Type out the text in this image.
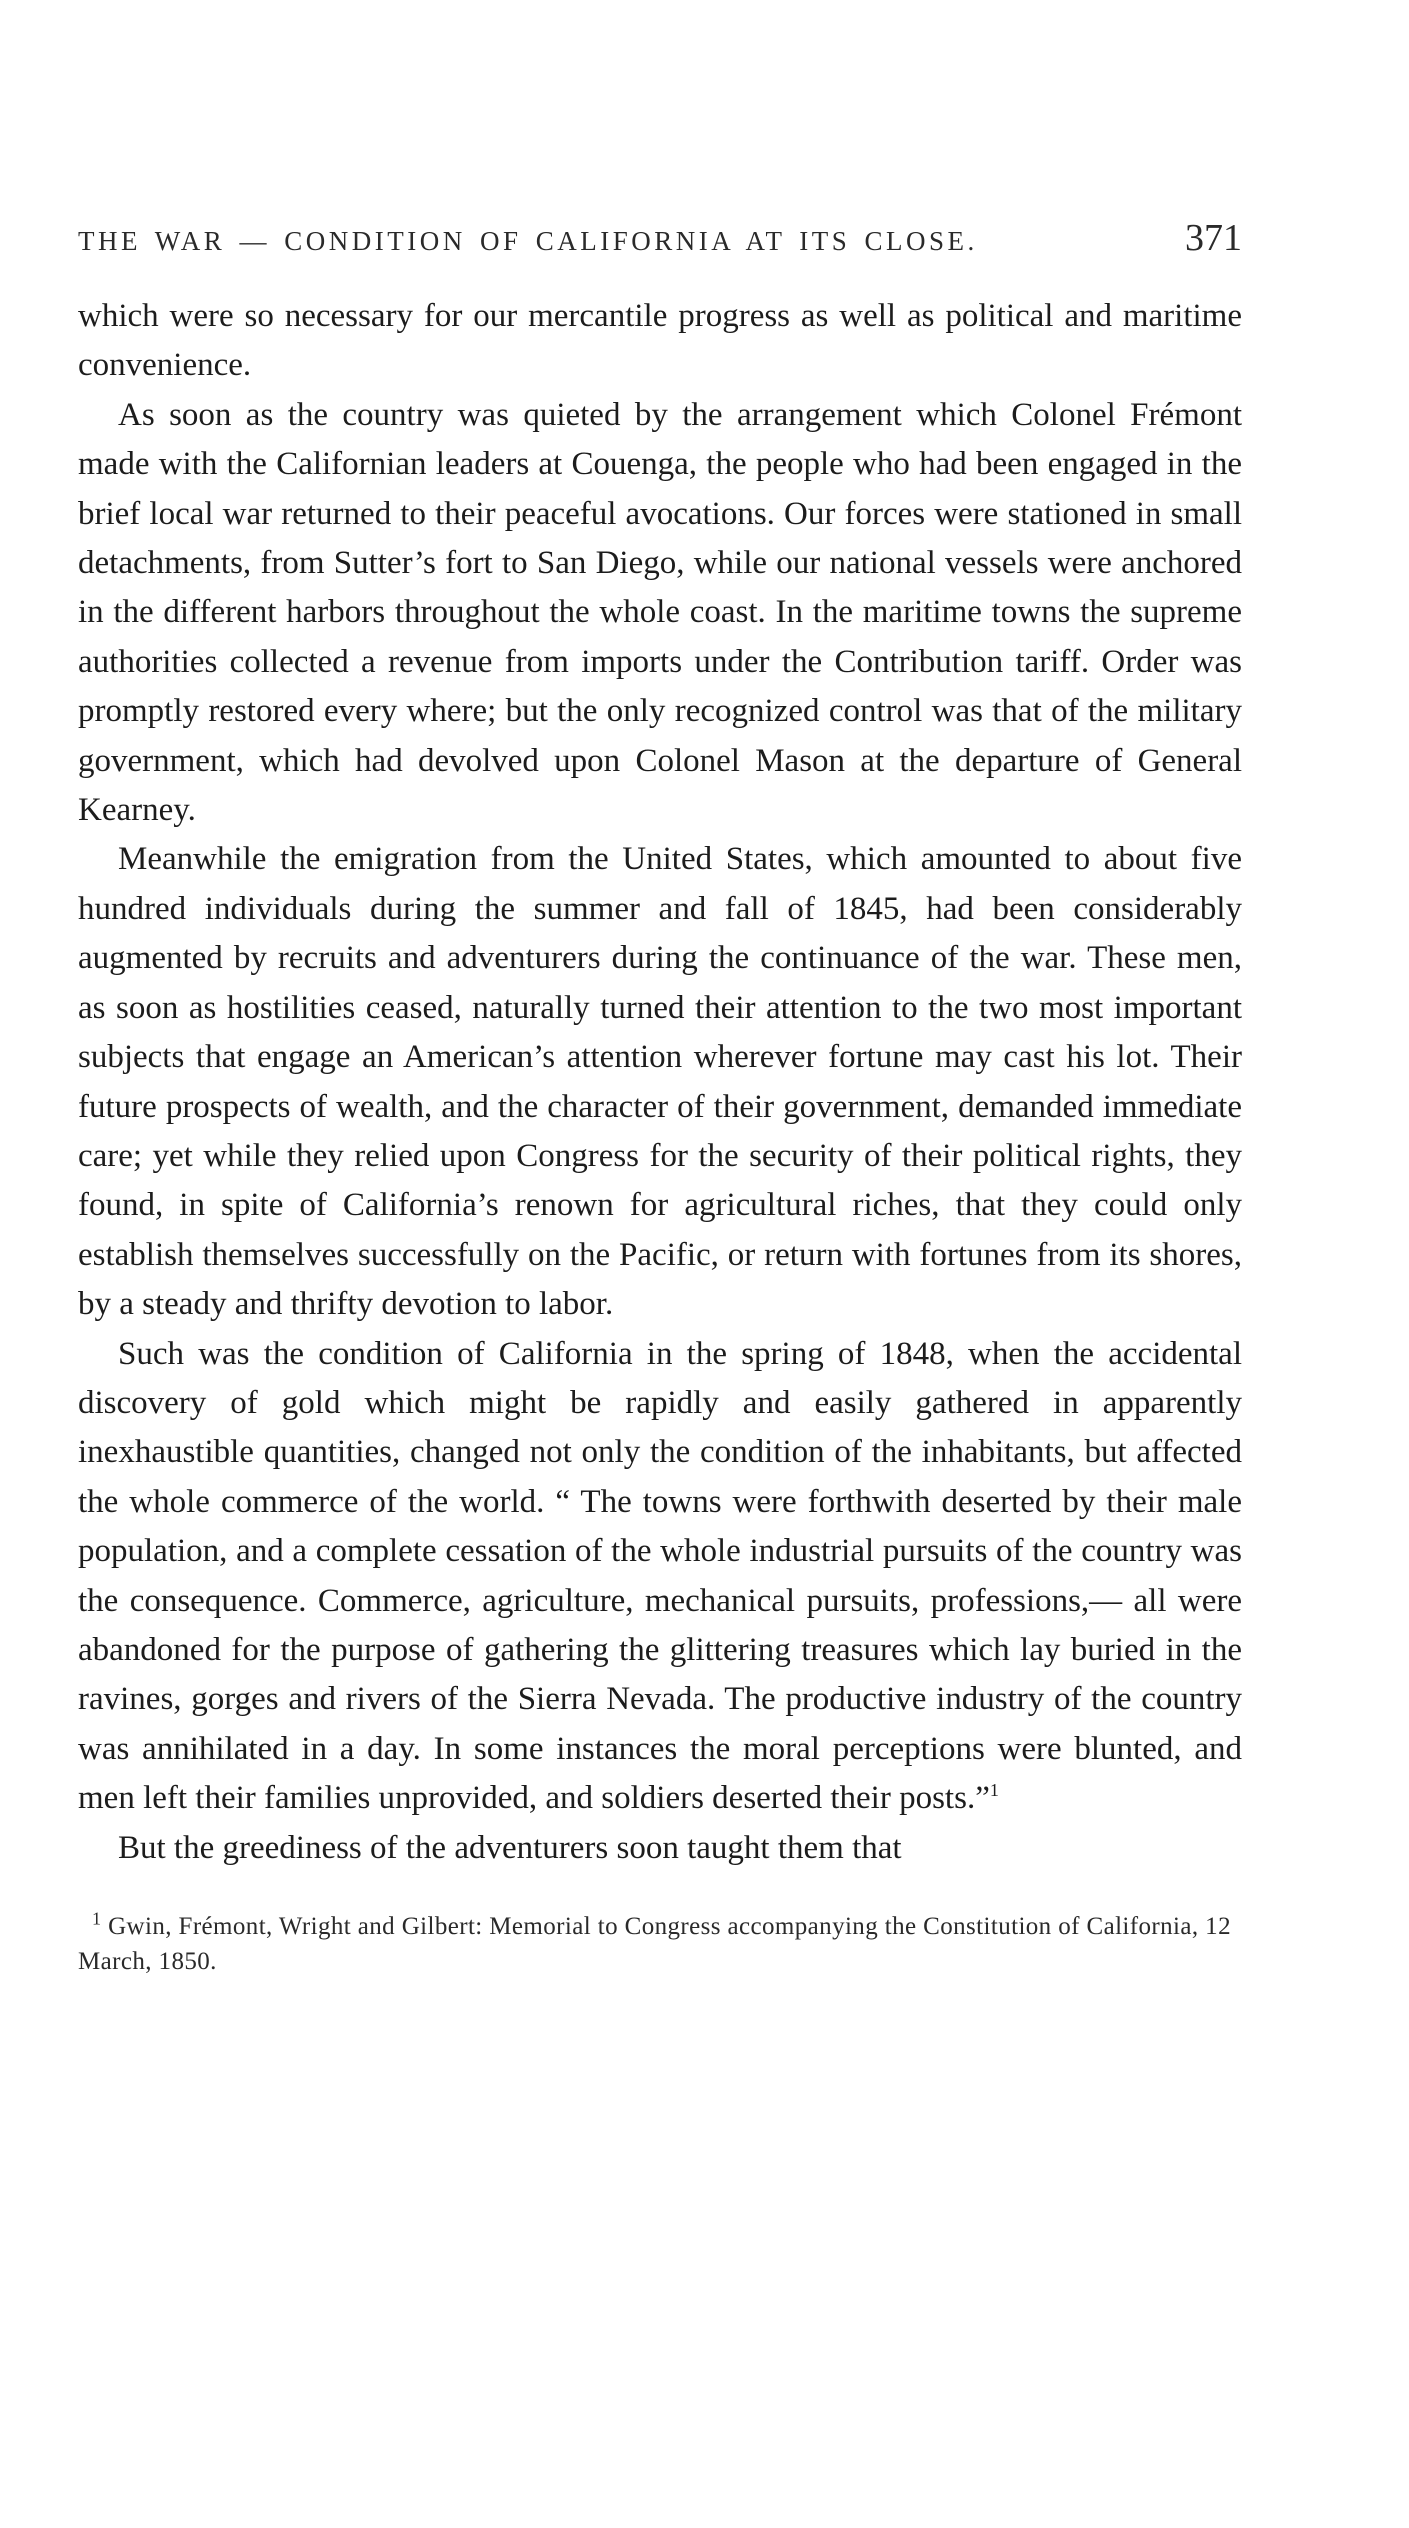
THE WAR — CONDITION OF CALIFORNIA AT ITS CLOSE.	371

which were so necessary for our mercantile progress as well as political and maritime convenience.

As soon as the country was quieted by the arrangement which Colonel Frémont made with the Californian leaders at Couenga, the people who had been engaged in the brief local war returned to their peaceful avocations. Our forces were stationed in small detachments, from Sutter’s fort to San Diego, while our national vessels were anchored in the different harbors throughout the whole coast. In the maritime towns the supreme authorities collected a revenue from imports under the Contribution tariff. Order was promptly restored every where; but the only recognized control was that of the military government, which had devolved upon Colonel Mason at the departure of General Kearney.

Meanwhile the emigration from the United States, which amounted to about five hundred individuals during the summer and fall of 1845, had been considerably augmented by recruits and adventurers during the continuance of the war. These men, as soon as hostilities ceased, naturally turned their attention to the two most important subjects that engage an American’s attention wherever fortune may cast his lot. Their future prospects of wealth, and the character of their government, demanded immediate care; yet while they relied upon Congress for the security of their political rights, they found, in spite of California’s renown for agricultural riches, that they could only establish themselves successfully on the Pacific, or return with fortunes from its shores, by a steady and thrifty devotion to labor.

Such was the condition of California in the spring of 1848, when the accidental discovery of gold which might be rapidly and easily gathered in apparently inexhaustible quantities, changed not only the condition of the inhabitants, but affected the whole commerce of the world. “ The towns were forthwith deserted by their male population, and a complete cessation of the whole industrial pursuits of the country was the consequence. Commerce, agriculture, mechanical pursuits, professions,— all were abandoned for the purpose of gathering the glittering treasures which lay buried in the ravines, gorges and rivers of the Sierra Nevada. The productive industry of the country was annihilated in a day. In some instances the moral perceptions were blunted, and men left their families unprovided, and soldiers deserted their posts.”$^1$

But the greediness of the adventurers soon taught them that

$^1$ Gwin, Frémont, Wright and Gilbert: Memorial to Congress accompanying the Constitution of California, 12 March, 1850.
